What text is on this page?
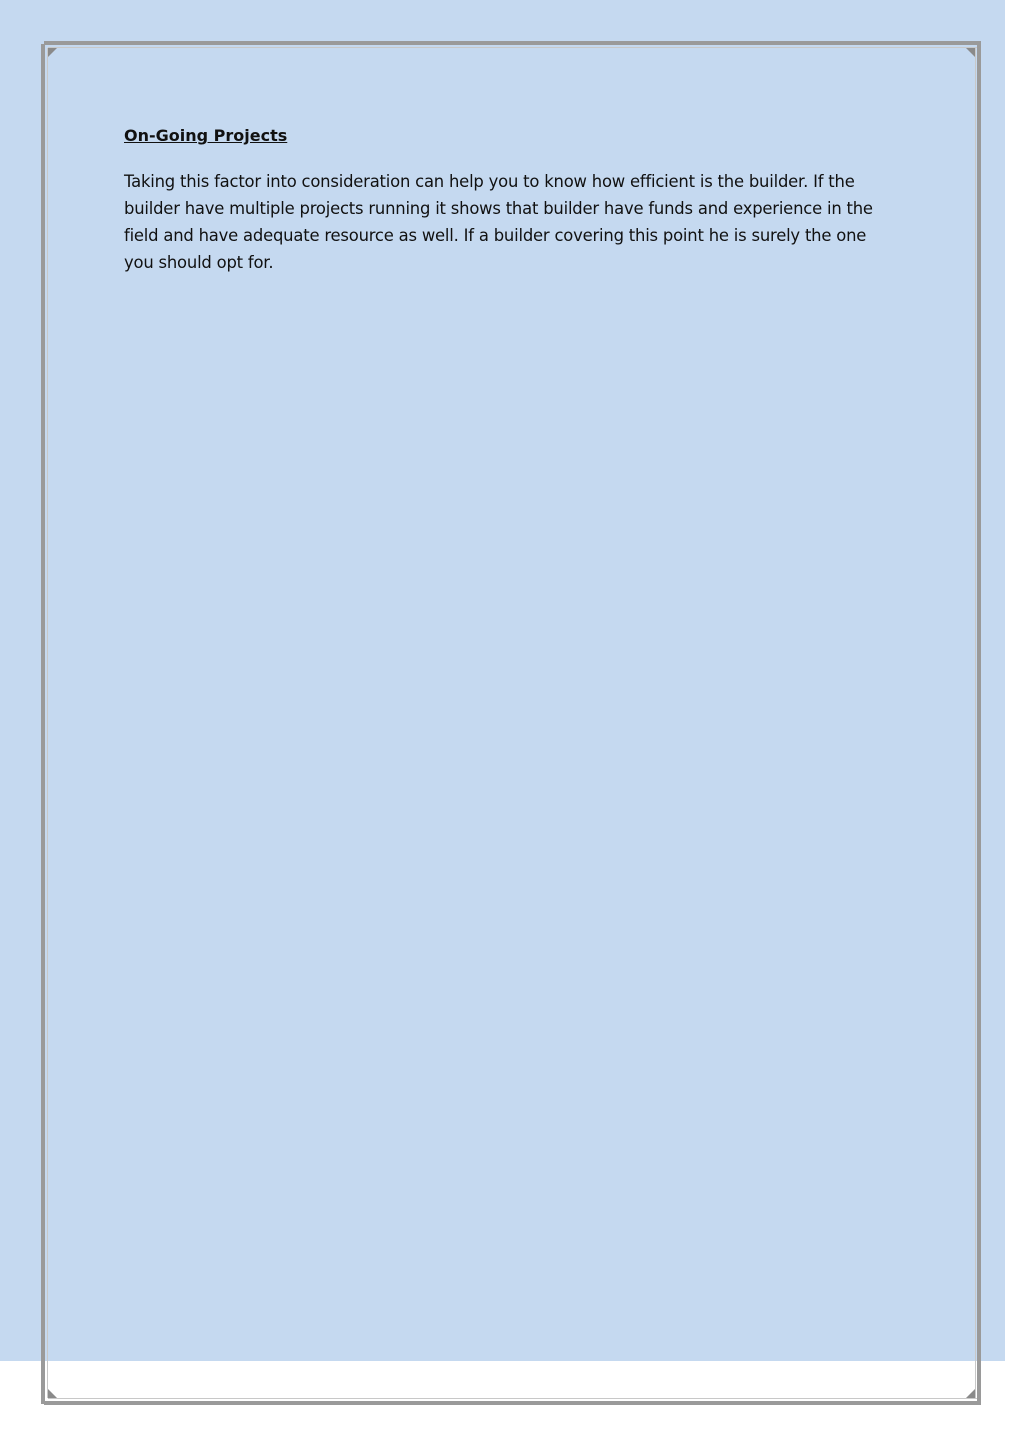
On-Going Projects

Taking this factor into consideration can help you to know how efficient is the builder. If the builder have multiple projects running it shows that builder have funds and experience in the field and have adequate resource as well. If a builder covering this point he is surely the one you should opt for.
